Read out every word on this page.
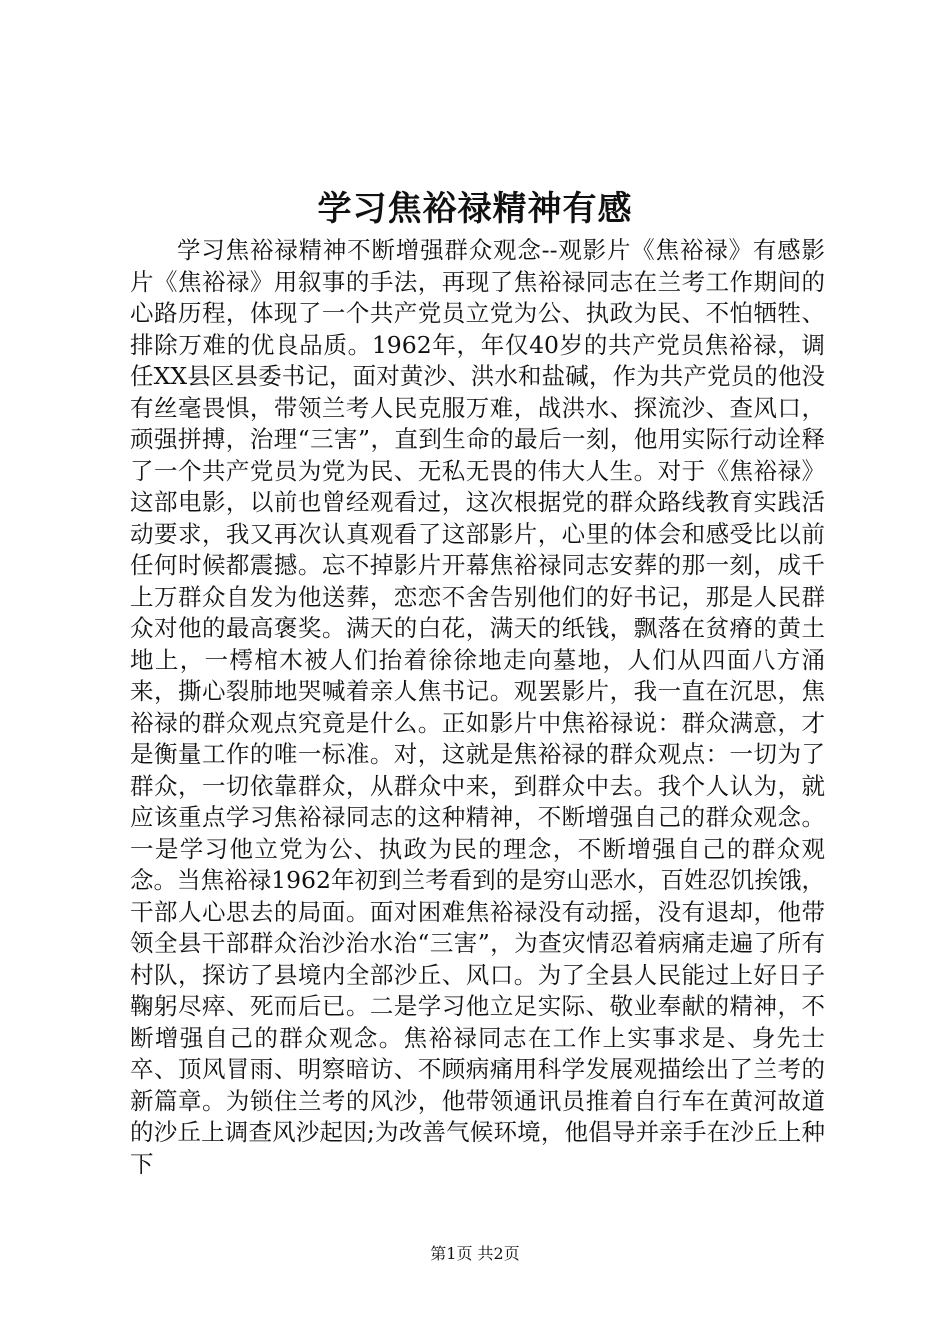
学习焦裕禄精神有感

学习焦裕禄精神不断增强群众观念--观影片《焦裕禄》有感影片《焦裕禄》用叙事的手法，再现了焦裕禄同志在兰考工作期间的心路历程，体现了一个共产党员立党为公、执政为民、不怕牺牲、排除万难的优良品质。1962年，年仅40岁的共产党员焦裕禄，调任XX县区县委书记，面对黄沙、洪水和盐碱，作为共产党员的他没有丝毫畏惧，带领兰考人民克服万难，战洪水、探流沙、查风口，顽强拼搏，治理“三害”，直到生命的最后一刻，他用实际行动诠释了一个共产党员为党为民、无私无畏的伟大人生。对于《焦裕禄》这部电影，以前也曾经观看过，这次根据党的群众路线教育实践活动要求，我又再次认真观看了这部影片，心里的体会和感受比以前任何时候都震撼。忘不掉影片开幕焦裕禄同志安葬的那一刻，成千上万群众自发为他送葬，恋恋不舍告别他们的好书记，那是人民群众对他的最高褒奖。满天的白花，满天的纸钱，飘落在贫瘠的黄土地上，一樗棺木被人们抬着徐徐地走向墓地，人们从四面八方涌来，撕心裂肺地哭喊着亲人焦书记。观罢影片，我一直在沉思，焦裕禄的群众观点究竟是什么。正如影片中焦裕禄说：群众满意，才是衡量工作的唯一标准。对，这就是焦裕禄的群众观点：一切为了群众，一切依靠群众，从群众中来，到群众中去。我个人认为，就应该重点学习焦裕禄同志的这种精神，不断增强自己的群众观念。一是学习他立党为公、执政为民的理念，不断增强自己的群众观念。当焦裕禄1962年初到兰考看到的是穷山恶水，百姓忍饥挨饿，干部人心思去的局面。面对困难焦裕禄没有动摇，没有退却，他带领全县干部群众治沙治水治“三害”，为查灾情忍着病痛走遍了所有村队，探访了县境内全部沙丘、风口。为了全县人民能过上好日子鞠躬尽瘁、死而后已。二是学习他立足实际、敬业奉献的精神，不断增强自己的群众观念。焦裕禄同志在工作上实事求是、身先士卒、顶风冒雨、明察暗访、不顾病痛用科学发展观描绘出了兰考的新篇章。为锁住兰考的风沙，他带领通讯员推着自行车在黄河故道的沙丘上调查风沙起因;为改善气候环境，他倡导并亲手在沙丘上种下

第1页 共2页
